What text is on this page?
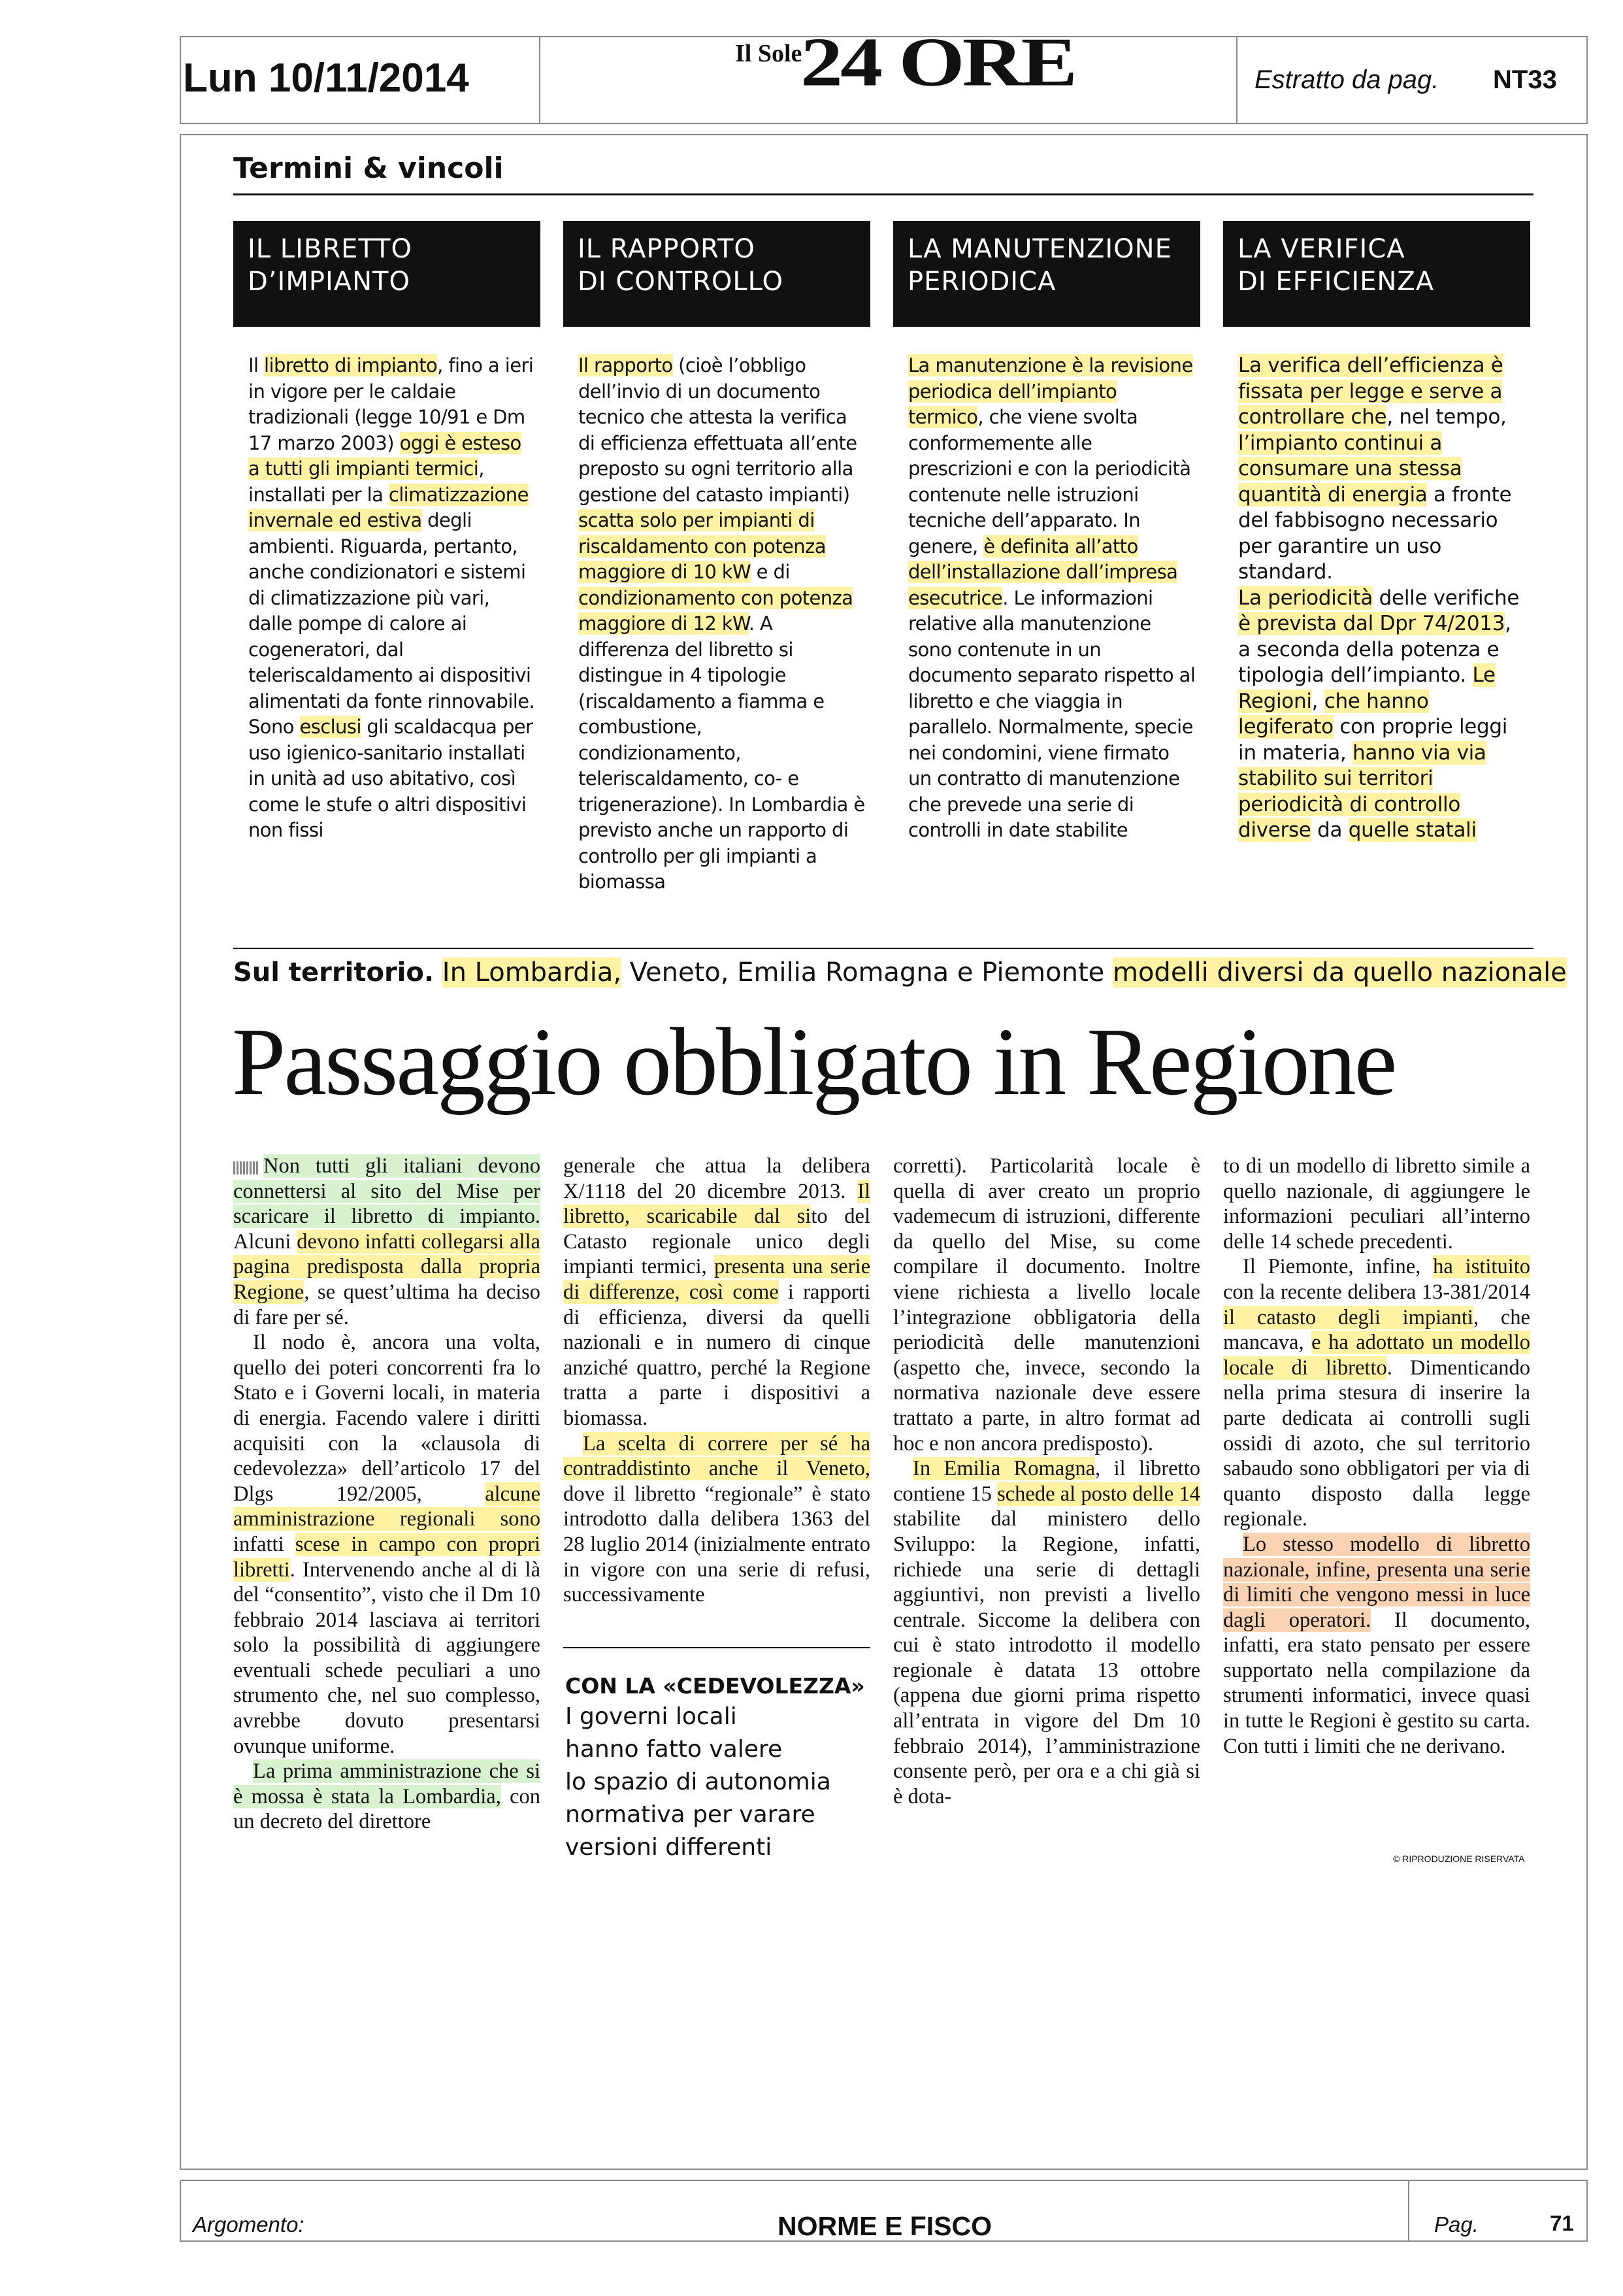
Lun 10/11/2014
Il Sole
24 ORE	Estratto da pag. NT33
Termini & vincoli
IL LIBRETTO
D’IMPIANTO
IL RAPPORTO
DI CONTROLLO
LA MANUTENZIONE
PERIODICA
LA VERIFICA
DI EFFICIENZA

Il libretto di impianto, fino a ieri in vigore per le caldaie tradizionali (legge 10/91 e Dm 17 marzo 2003) oggi è esteso a tutti gli impianti termici, installati per la climatizzazione invernale ed estiva degli ambienti. Riguarda, pertanto, anche condizionatori e sistemi di climatizzazione più vari, dalle pompe di calore ai cogeneratori, dal teleriscaldamento ai dispositivi alimentati da fonte rinnovabile. Sono esclusi gli scaldacqua per uso igienico-sanitario installati in unità ad uso abitativo, così come le stufe o altri dispositivi non fissi

Il rapporto (cioè l’obbligo dell’invio di un documento tecnico che attesta la verifica di efficienza effettuata all’ente preposto su ogni territorio alla gestione del catasto impianti) scatta solo per impianti di riscaldamento con potenza maggiore di 10 kW e di condizionamento con potenza maggiore di 12 kW. A differenza del libretto si distingue in 4 tipologie (riscaldamento a fiamma e combustione, condizionamento, teleriscaldamento, co- e trigenerazione). In Lombardia è previsto anche un rapporto di controllo per gli impianti a biomassa

La manutenzione è la revisione periodica dell’impianto termico, che viene svolta conformemente alle prescrizioni e con la periodicità contenute nelle istruzioni tecniche dell’apparato. In genere, è definita all’atto dell’installazione dall’impresa esecutrice. Le informazioni relative alla manutenzione sono contenute in un documento separato rispetto al libretto e che viaggia in parallelo. Normalmente, specie nei condomini, viene firmato un contratto di manutenzione che prevede una serie di controlli in date stabilite

La verifica dell’efficienza è fissata per legge e serve a controllare che, nel tempo, l’impianto continui a consumare una stessa quantità di energia a fronte del fabbisogno necessario per garantire un uso standard.

La periodicità delle verifiche è prevista dal Dpr 74/2013, a seconda della potenza e tipologia dell’impianto. Le Regioni, che hanno legiferato con proprie leggi in materia, hanno via via stabilito sui territori periodicità di controllo diverse da quelle statali

Sul territorio. In Lombardia, Veneto, Emilia Romagna e Piemonte modelli diversi da quello nazionale
Passaggio obbligato in Regione

Non tutti gli italiani devono connettersi al sito del Mise per scaricare il libretto di impianto. Alcuni devono infatti collegarsi alla pagina predisposta dalla propria Regione, se quest’ultima ha deciso di fare per sé.

Il nodo è, ancora una volta, quello dei poteri concorrenti fra lo Stato e i Governi locali, in materia di energia. Facendo valere i diritti acquisiti con la «clausola di cedevolezza» dell’articolo 17 del Dlgs 192/2005, alcune amministrazione regionali sono infatti scese in campo con propri libretti. Intervenendo anche al di là del “consentito”, visto che il Dm 10 febbraio 2014 lasciava ai territori solo la possibilità di aggiungere eventuali schede peculiari a uno strumento che, nel suo complesso, avrebbe dovuto presentarsi ovunque uniforme.

La prima amministrazione che si è mossa è stata la Lombardia, con un decreto del direttore

generale che attua la delibera X/1118 del 20 dicembre 2013. Il libretto, scaricabile dal sito del Catasto regionale unico degli impianti termici, presenta una serie di differenze, così come i rapporti di efficienza, diversi da quelli nazionali e in numero di cinque anziché quattro, perché la Regione tratta a parte i dispositivi a biomassa.

La scelta di correre per sé ha contraddistinto anche il Veneto, dove il libretto “regionale” è stato introdotto dalla delibera 1363 del 28 luglio 2014 (inizialmente entrato in vigore con una serie di refusi, successivamente

CON LA «CEDEVOLEZZA»
I governi locali
hanno fatto valere
lo spazio di autonomia
normativa per varare
versioni differenti

corretti). Particolarità locale è quella di aver creato un proprio vademecum di istruzioni, differente da quello del Mise, su come compilare il documento. Inoltre viene richiesta a livello locale l’integrazione obbligatoria della periodicità delle manutenzioni (aspetto che, invece, secondo la normativa nazionale deve essere trattato a parte, in altro format ad hoc e non ancora predisposto).

In Emilia Romagna, il libretto contiene 15 schede al posto delle 14 stabilite dal ministero dello Sviluppo: la Regione, infatti, richiede una serie di dettagli aggiuntivi, non previsti a livello centrale. Siccome la delibera con cui è stato introdotto il modello regionale è datata 13 ottobre (appena due giorni prima rispetto all’entrata in vigore del Dm 10 febbraio 2014), l’amministrazione consente però, per ora e a chi già si è dota-

to di un modello di libretto simile a quello nazionale, di aggiungere le informazioni peculiari all’interno delle 14 schede precedenti.

Il Piemonte, infine, ha istituito con la recente delibera 13-381/2014 il catasto degli impianti, che mancava, e ha adottato un modello locale di libretto. Dimenticando nella prima stesura di inserire la parte dedicata ai controlli sugli ossidi di azoto, che sul territorio sabaudo sono obbligatori per via di quanto disposto dalla legge regionale.

Lo stesso modello di libretto nazionale, infine, presenta una serie di limiti che vengono messi in luce dagli operatori. Il documento, infatti, era stato pensato per essere supportato nella compilazione da strumenti informatici, invece quasi in tutte le Regioni è gestito su carta. Con tutti i limiti che ne derivano.

© RIPRODUZIONE RISERVATA
Argomento:	NORME E FISCO	Pag.	71
